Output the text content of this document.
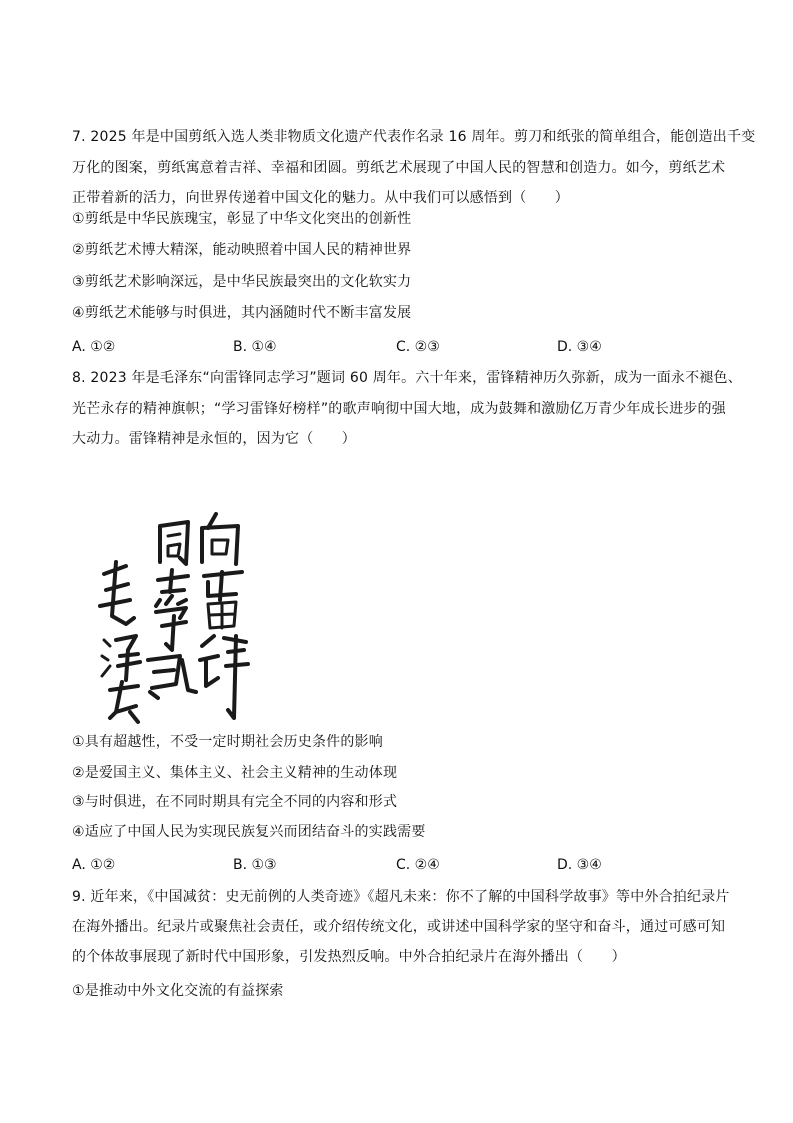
7. 2025 年是中国剪纸入选人类非物质文化遗产代表作名录 16 周年。剪刀和纸张的简单组合，能创造出千变
万化的图案，剪纸寓意着吉祥、幸福和团圆。剪纸艺术展现了中国人民的智慧和创造力。如今，剪纸艺术
正带着新的活力，向世界传递着中国文化的魅力。从中我们可以感悟到（　　）
①剪纸是中华民族瑰宝，彰显了中华文化突出的创新性
②剪纸艺术博大精深，能动映照着中国人民的精神世界
③剪纸艺术影响深远，是中华民族最突出的文化软实力
④剪纸艺术能够与时俱进，其内涵随时代不断丰富发展
A. ①②	B. ①④	C. ②③	D. ③④
8. 2023 年是毛泽东“向雷锋同志学习”题词 60 周年。六十年来，雷锋精神历久弥新，成为一面永不褪色、
光芒永存的精神旗帜；“学习雷锋好榜样”的歌声响彻中国大地，成为鼓舞和激励亿万青少年成长进步的强
大动力。雷锋精神是永恒的，因为它（　　）
①具有超越性，不受一定时期社会历史条件的影响
②是爱国主义、集体主义、社会主义精神的生动体现
③与时俱进，在不同时期具有完全不同的内容和形式
④适应了中国人民为实现民族复兴而团结奋斗的实践需要
A. ①②	B. ①③	C. ②④	D. ③④
9. 近年来，《中国减贫：史无前例的人类奇迹》《超凡未来：你不了解的中国科学故事》等中外合拍纪录片
在海外播出。纪录片或聚焦社会责任，或介绍传统文化，或讲述中国科学家的坚守和奋斗，通过可感可知
的个体故事展现了新时代中国形象，引发热烈反响。中外合拍纪录片在海外播出（　　）
①是推动中外文化交流的有益探索
